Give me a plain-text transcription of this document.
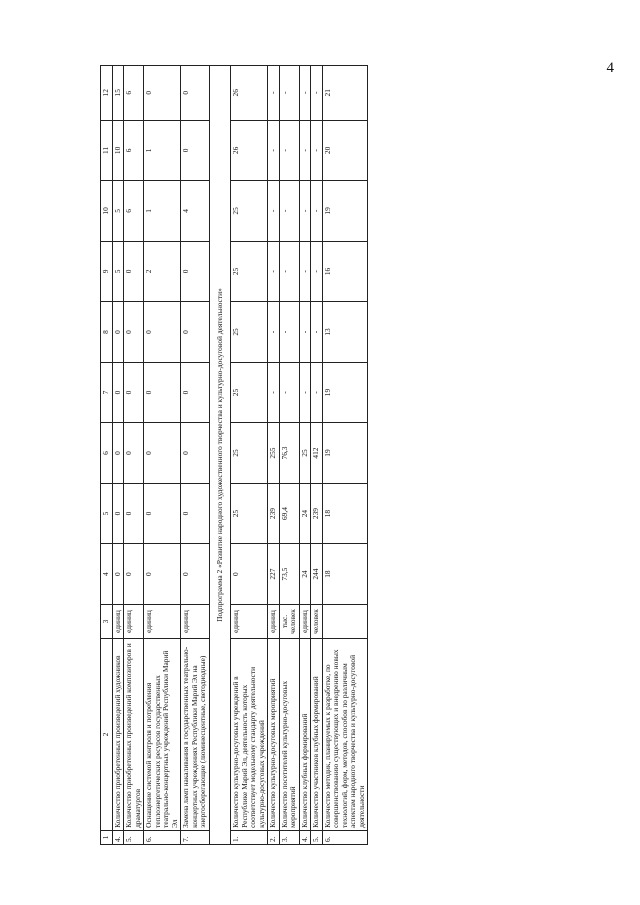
4
1	2	3	4	5	6	7	8	9	10	11	12
4.	Количество приобретенных произведений художников	единиц	0	0	0	0	0	5	5	10	15
5.	Количество приобретенных произведений композиторов и драматургов	единиц	0	0	0	0	0	0	6	6	6
6.	Оснащение системой контроля и потребления теплоэнергетических ресурсов государственных театрально-концертных учреждений Республики Марий Эл	единиц	0	0	0	0	0	2	1	1	0
7.	Замена ламп накаливания в государственных театрально-концертных учреждениях Республики Марий Эл на энергосберегающие (люминесцентные, светодиодные)	единиц	0	0	0	0	0	0	4	0	0
Подпрограмма 2 «Развитие народного художественного творчества и культурно-досуговой деятельности»											
1.	Количество культурно-досуговых учреждений в Республике Марий Эл, деятельность которых соответствует модельному стандарту деятельности культурно-досуговых учреждений	единиц	0	25	25	25	25	25	25	26	26
2.	Количество культурно-досуговых мероприятий	единиц	227	239	255	-	-	-	-	-	-
3.	Количество посетителей культурно-досуговых мероприятий	тыс. человек	73,5	69,4	76,3	-	-	-	-	-	-
4.	Количество клубных формирований	единиц	24	24	25	-	-	-	-	-	-
5.	Количество участников клубных формирований	человек	244	239	412	-	-	-	-	-	-
6.	Количество методик, планируемых к разработке, по совершенствованию существующих и внедрению новых технологий, форм, методов, способов по различным аспектам народного творчества и культурно-досуговой деятельности		18	18	19	19	13	16	19	20	21
